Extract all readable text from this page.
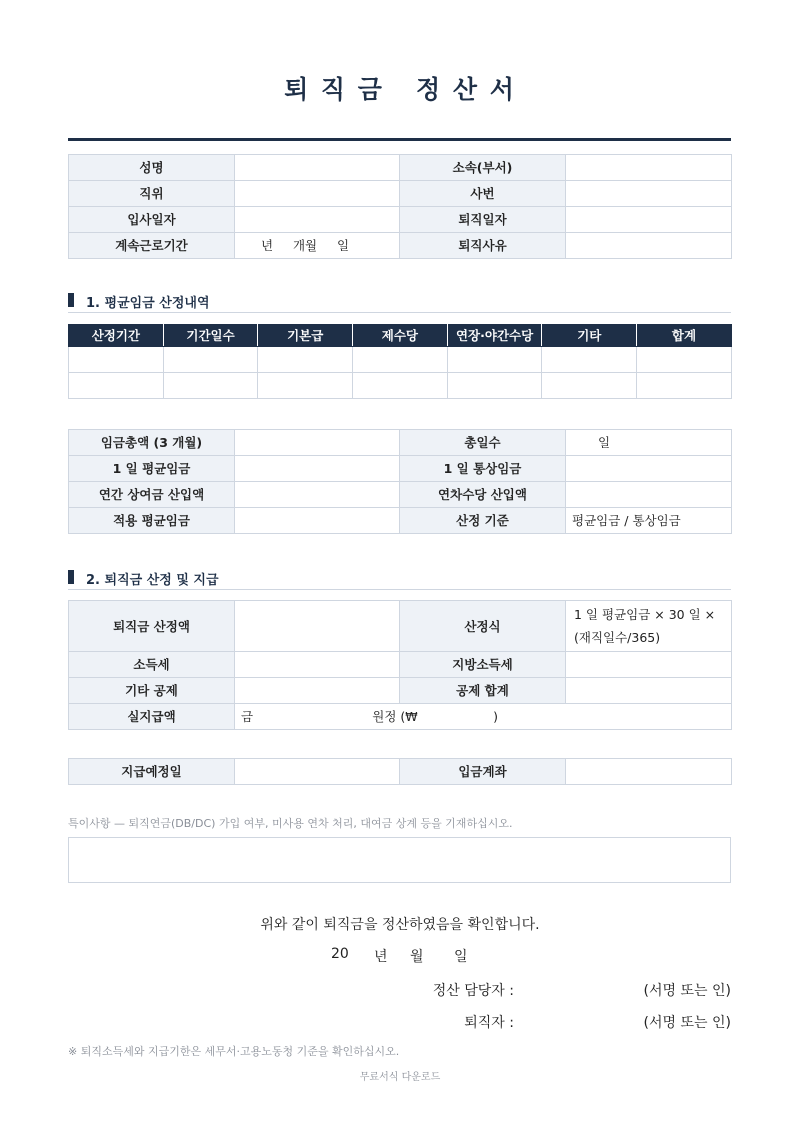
퇴 직 금   정 산 서
성명		소속(부서)	
직위		사번	
입사일자		퇴직일자	
계속근로기간	년     개월     일	퇴직사유	
1. 평균임금 산정내역
산정기간	기간일수	기본급	제수당	연장·야간수당	기타	합계

임금총액 (3 개월)		총일수	일
1 일 평균임금		1 일 통상임금	
연간 상여금 산입액		연차수당 산입액	
적용 평균임금		산정 기준	평균임금 / 통상임금
2. 퇴직금 산정 및 지급
퇴직금 산정액		산정식	1 일 평균임금 × 30 일 × (재직일수/365)
소득세		지방소득세	
기타 공제		공제 합계	
실지급액	금                              원정 (₩                   )		
지급예정일		입금계좌	
특이사항 — 퇴직연금(DB/DC) 가입 여부, 미사용 연차 처리, 대여금 상계 등을 기재하십시오.
위와 같이 퇴직금을 정산하였음을 확인합니다.
20 년 월 일
정산 담당자 :	(서명 또는 인)
퇴직자 :	(서명 또는 인)
※ 퇴직소득세와 지급기한은 세무서·고용노동청 기준을 확인하십시오.
무료서식 다운로드
